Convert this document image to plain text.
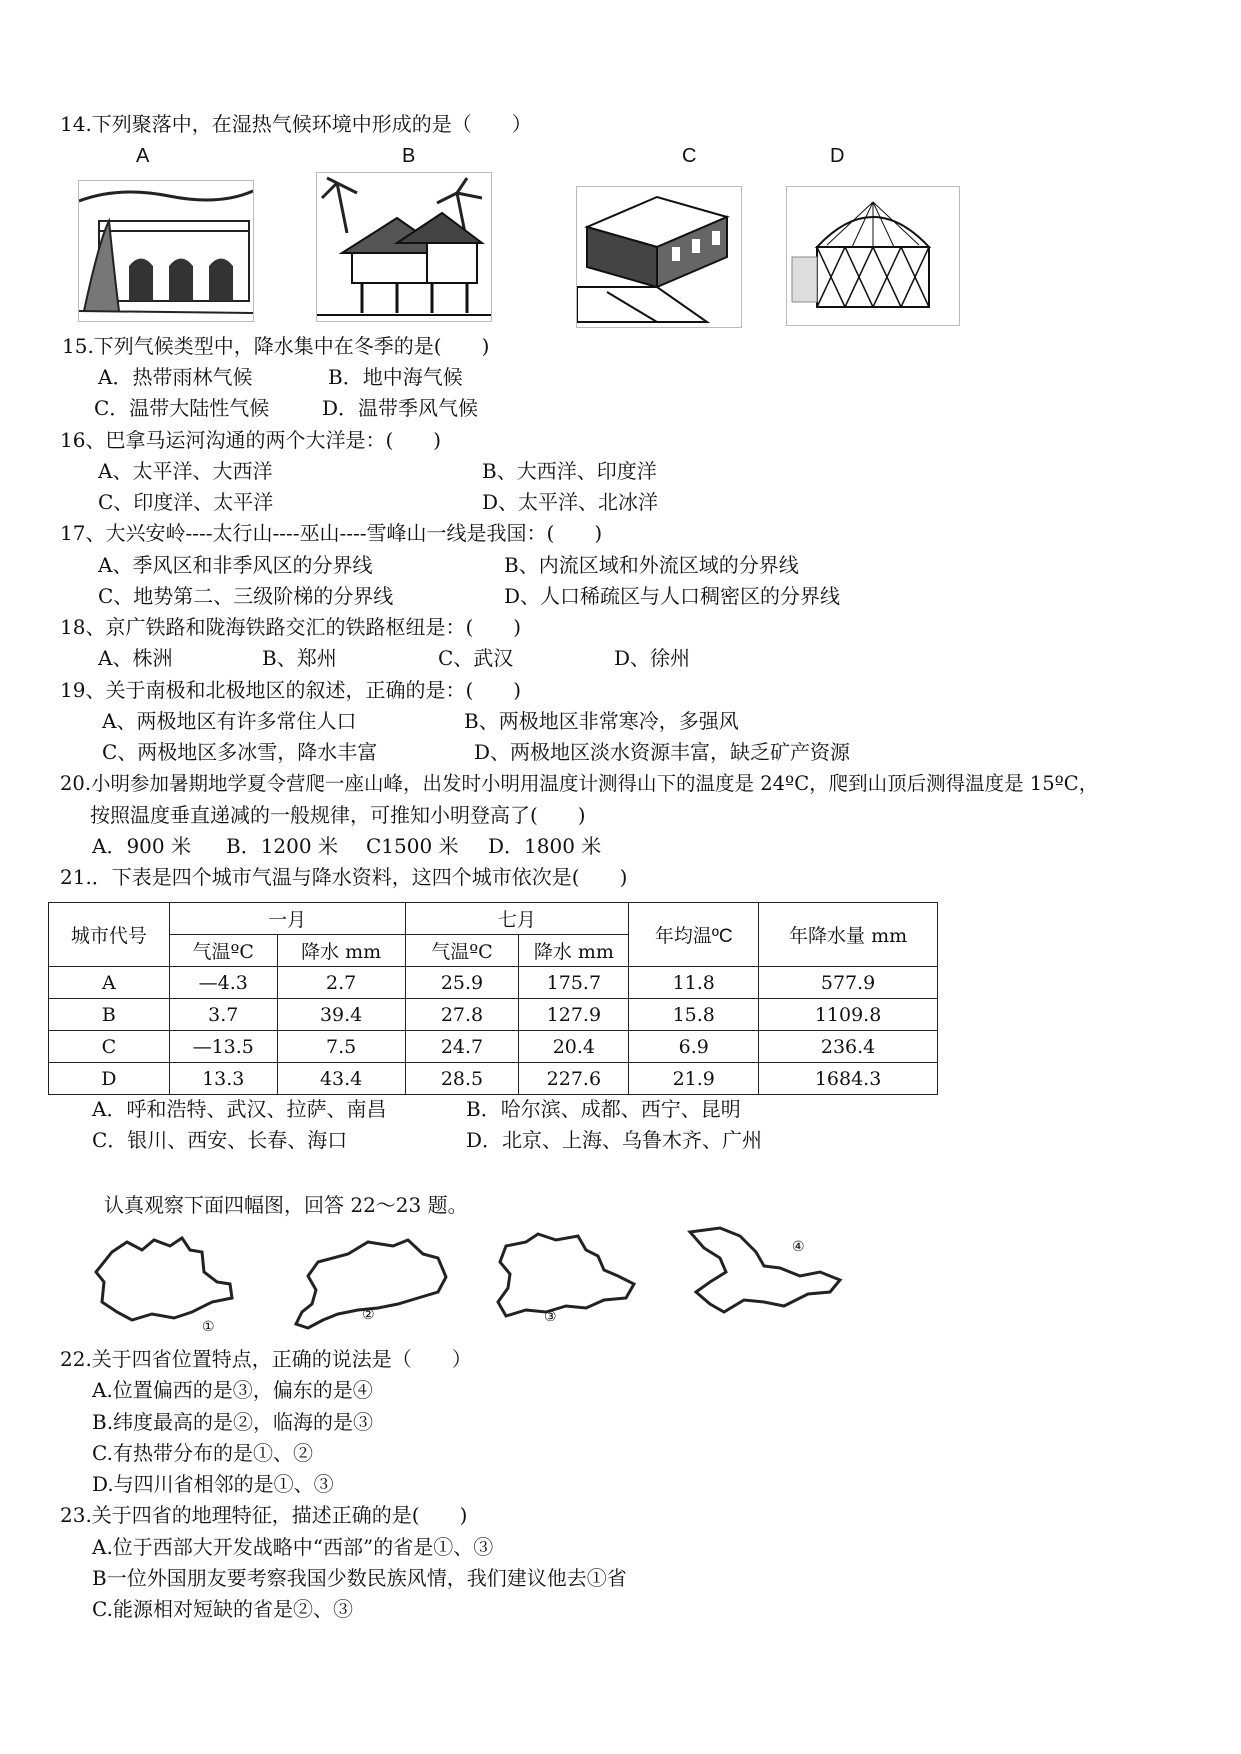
14.下列聚落中，在湿热气候环境中形成的是（　　）
A	B	C	D
15.下列气候类型中，降水集中在冬季的是(　　)
A．热带雨林气候	B．地中海气候
C．温带大陆性气候	D．温带季风气候
16、巴拿马运河沟通的两个大洋是：(　　)
A、太平洋、大西洋	B、大西洋、印度洋
C、印度洋、太平洋	D、太平洋、北冰洋
17、大兴安岭----太行山----巫山----雪峰山一线是我国：(　　)
A、季风区和非季风区的分界线	B、内流区域和外流区域的分界线
C、地势第二、三级阶梯的分界线	D、人口稀疏区与人口稠密区的分界线
18、京广铁路和陇海铁路交汇的铁路枢纽是：(　　)
A、株洲	B、郑州	C、武汉	D、徐州
19、关于南极和北极地区的叙述，正确的是：(　　)
A、两极地区有许多常住人口	B、两极地区非常寒冷，多强风
C、两极地区多冰雪，降水丰富	D、两极地区淡水资源丰富，缺乏矿产资源
20.小明参加暑期地学夏令营爬一座山峰，出发时小明用温度计测得山下的温度是 24ºC，爬到山顶后测得温度是 15ºC，
按照温度垂直递减的一般规律，可推知小明登高了(　　)
A．900 米 B．1200 米 C1500 米 D．1800 米
21.．下表是四个城市气温与降水资料，这四个城市依次是(　　)
城市代号	一月		七月		年均温ºC	年降水量 mm
	气温ºC	降水 mm	气温ºC	降水 mm		
A	—4.3	2.7	25.9	175.7	11.8	577.9
B	3.7	39.4	27.8	127.9	15.8	1109.8
C	—13.5	7.5	24.7	20.4	6.9	236.4
D	13.3	43.4	28.5	227.6	21.9	1684.3
A．呼和浩特、武汉、拉萨、南昌	B．哈尔滨、成都、西宁、昆明
C．银川、西安、长春、海口	D．北京、上海、乌鲁木齐、广州
认真观察下面四幅图，回答 22～23 题。
①
②	③
④
22.关于四省位置特点，正确的说法是（　　）
A.位置偏西的是③，偏东的是④
B.纬度最高的是②，临海的是③
C.有热带分布的是①、②
D.与四川省相邻的是①、③
23.关于四省的地理特征，描述正确的是(　　)
A.位于西部大开发战略中“西部”的省是①、③
B一位外国朋友要考察我国少数民族风情，我们建议他去①省
C.能源相对短缺的省是②、③
